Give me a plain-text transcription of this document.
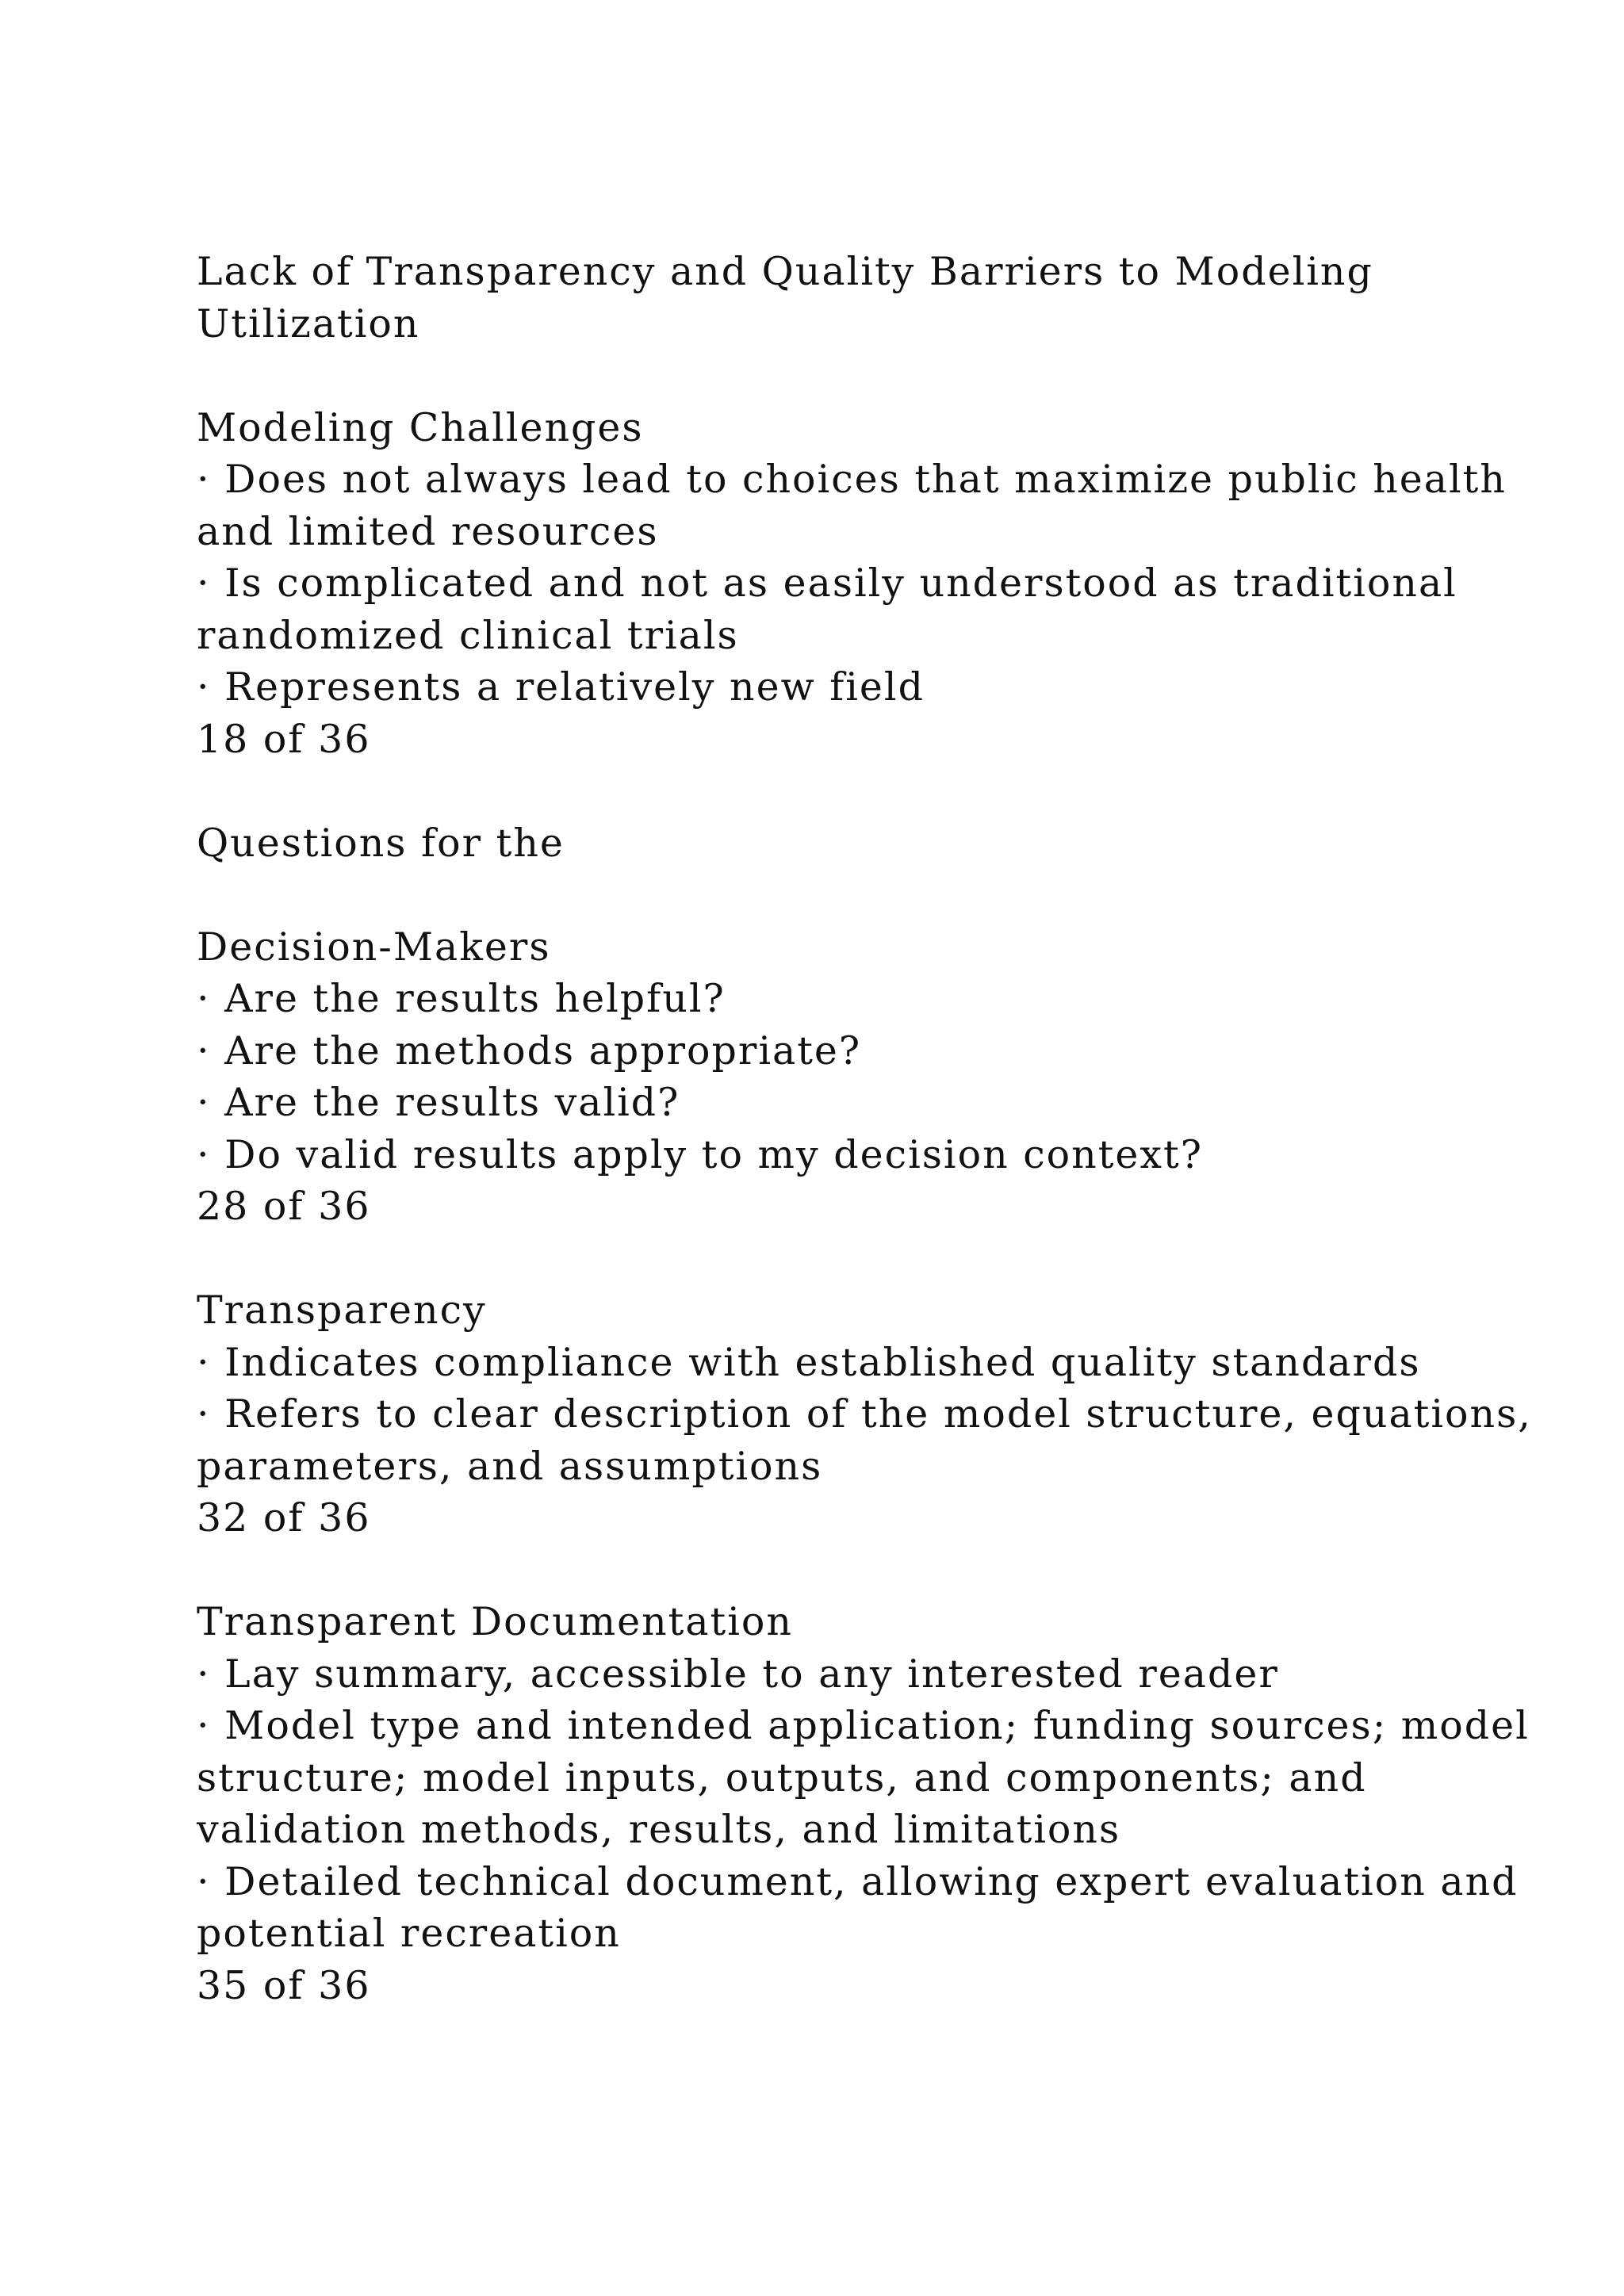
Lack of Transparency and Quality Barriers to Modeling
Utilization
Modeling Challenges
· Does not always lead to choices that maximize public health
and limited resources
· Is complicated and not as easily understood as traditional
randomized clinical trials
· Represents a relatively new field
18 of 36
Questions for the
Decision-Makers
· Are the results helpful?
· Are the methods appropriate?
· Are the results valid?
· Do valid results apply to my decision context?
28 of 36
Transparency
· Indicates compliance with established quality standards
· Refers to clear description of the model structure, equations,
parameters, and assumptions
32 of 36
Transparent Documentation
· Lay summary, accessible to any interested reader
· Model type and intended application; funding sources; model
structure; model inputs, outputs, and components; and
validation methods, results, and limitations
· Detailed technical document, allowing expert evaluation and
potential recreation
35 of 36
